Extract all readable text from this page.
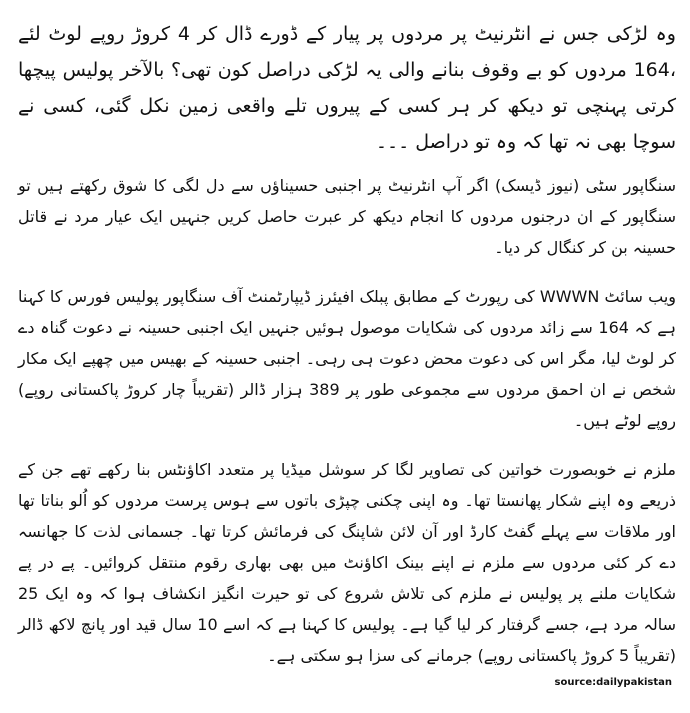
وہ لڑکی جس نے انٹرنیٹ پر مردوں پر پیار کے ڈورے ڈال کر 4 کروڑ روپے لوٹ لئے ،164 مردوں کو بے وقوف بنانے والی یہ لڑکی دراصل کون تھی؟ بالآخر پولیس پیچھا کرتی پہنچی تو دیکھ کر ہر کسی کے پیروں تلے واقعی زمین نکل گئی، کسی نے سوچا بھی نہ تھا کہ وہ تو دراصل ۔۔۔

سنگاپور سٹی (نیوز ڈیسک) اگر آپ انٹرنیٹ پر اجنبی حسیناؤں سے دل لگی کا شوق رکھتے ہیں تو سنگاپور کے ان درجنوں مردوں کا انجام دیکھ کر عبرت حاصل کریں جنہیں ایک عیار مرد نے قاتل حسینہ بن کر کنگال کر دیا۔

ویب سائٹ WWWN کی رپورٹ کے مطابق پبلک افیئرز ڈیپارٹمنٹ آف سنگاپور پولیس فورس کا کہنا ہے کہ 164 سے زائد مردوں کی شکایات موصول ہوئیں جنہیں ایک اجنبی حسینہ نے دعوت گناہ دے کر لوٹ لیا، مگر اس کی دعوت محض دعوت ہی رہی۔ اجنبی حسینہ کے بھیس میں چھپے ایک مکار شخص نے ان احمق مردوں سے مجموعی طور پر 389 ہزار ڈالر (تقریباً چار کروڑ پاکستانی روپے) روپے لوٹے ہیں۔

ملزم نے خوبصورت خواتین کی تصاویر لگا کر سوشل میڈیا پر متعدد اکاؤنٹس بنا رکھے تھے جن کے ذریعے وہ اپنے شکار پھانستا تھا۔ وہ اپنی چکنی چپڑی باتوں سے ہوس پرست مردوں کو اُلو بناتا تھا اور ملاقات سے پہلے گفٹ کارڈ اور آن لائن شاپنگ کی فرمائش کرتا تھا۔ جسمانی لذت کا جھانسہ دے کر کئی مردوں سے ملزم نے اپنے بینک اکاؤنٹ میں بھی بھاری رقوم منتقل کروائیں۔ پے در پے شکایات ملنے پر پولیس نے ملزم کی تلاش شروع کی تو حیرت انگیز انکشاف ہوا کہ وہ ایک 25 سالہ مرد ہے، جسے گرفتار کر لیا گیا ہے۔ پولیس کا کہنا ہے کہ اسے 10 سال قید اور پانچ لاکھ ڈالر (تقریباً 5 کروڑ پاکستانی روپے) جرمانے کی سزا ہو سکتی ہے۔

source:dailypakistan
